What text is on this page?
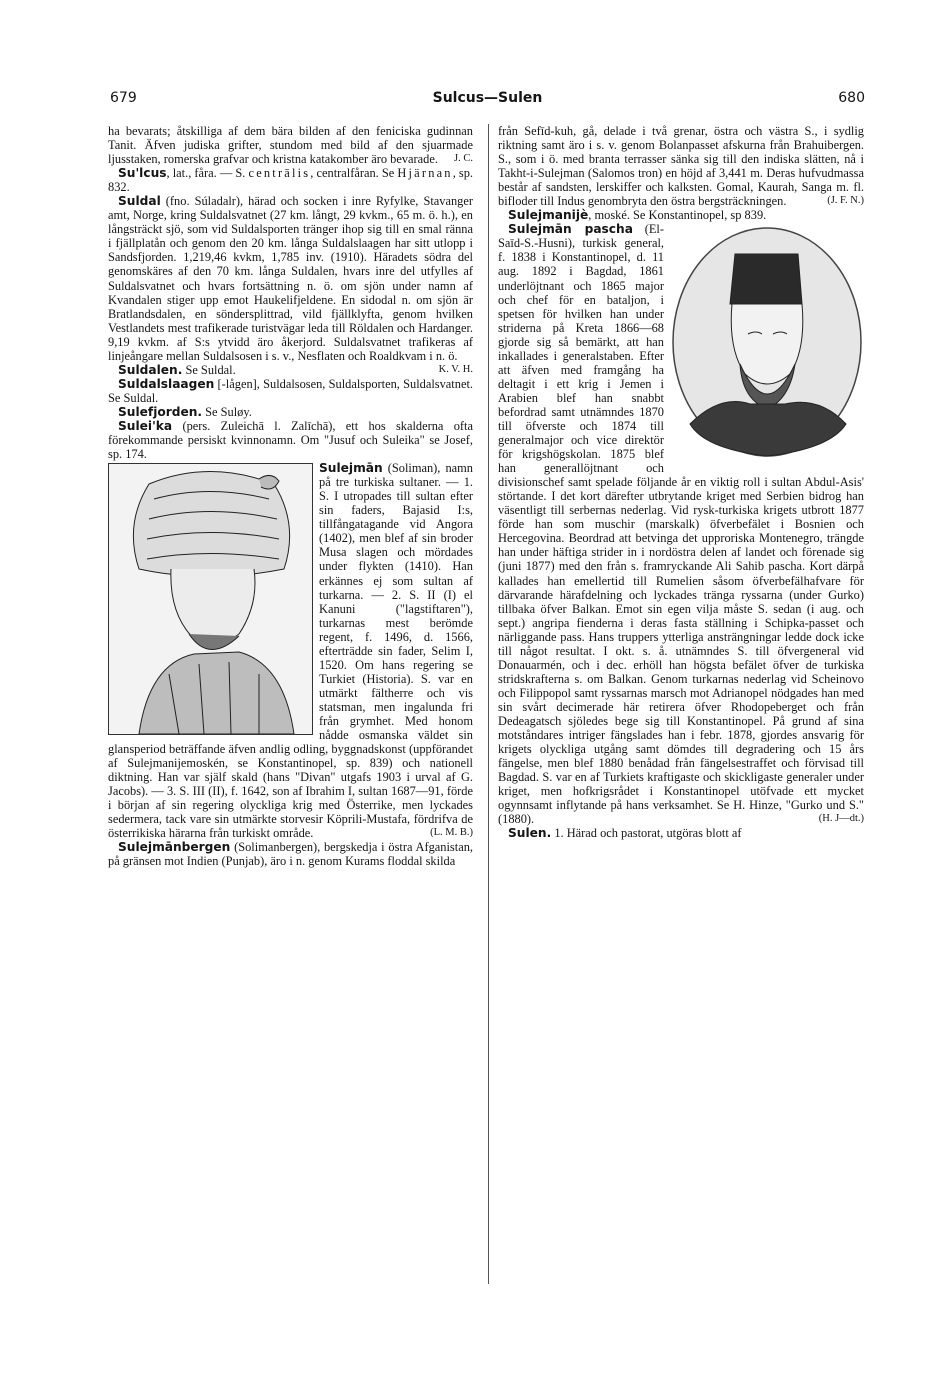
679	Sulcus—Sulen	680

ha bevarats; åtskilliga af dem bära bilden af den feniciska gudinnan Tanit. Äfven judiska grifter, stundom med bild af den sjuarmade ljusstaken, romerska grafvar och kristna katakomber äro bevarade. J. C.

Su'lcus, lat., fåra. — S. centrālis, centralfåran. Se Hjärnan, sp. 832.

Suldal (fno. Súladalr), härad och socken i inre Ryfylke, Stavanger amt, Norge, kring Suldalsvatnet (27 km. långt, 29 kvkm., 65 m. ö. h.), en långsträckt sjö, som vid Suldalsporten tränger ihop sig till en smal ränna i fjällplatån och genom den 20 km. långa Suldalslaagen har sitt utlopp i Sandsfjorden. 1,219,46 kvkm, 1,785 inv. (1910). Häradets södra del genomskäres af den 70 km. långa Suldalen, hvars inre del utfylles af Suldalsvatnet och hvars fortsättning n. ö. om sjön under namn af Kvandalen stiger upp emot Haukelifjeldene. En sidodal n. om sjön är Bratlandsdalen, en söndersplittrad, vild fjällklyfta, genom hvilken Vestlandets mest trafikerade turistvägar leda till Röldalen och Hardanger. 9,19 kvkm. af S:s ytvidd äro åkerjord. Suldalsvatnet trafikeras af linjeångare mellan Suldalsosen i s. v., Nesflaten och Roaldkvam i n. ö.
K. V. H.

Suldalen. Se Suldal.

Suldalslaagen [-lågen], Suldalsosen, Suldalsporten, Suldalsvatnet. Se Suldal.

Sulefjorden. Se Suløy.

Sulei'ka (pers. Zuleichā l. Zalīchā), ett hos skalderna ofta förekommande persiskt kvinnonamn. Om "Jusuf och Suleika" se Josef, sp. 174.

Sulejmān (Soliman), namn på tre turkiska sultaner. — 1. S. I utropades till sultan efter sin faders, Bajasid I:s, tillfångatagande vid Angora (1402), men blef af sin broder Musa slagen och mördades under flykten (1410). Han erkännes ej som sultan af turkarna. — 2. S. II (I) el Kanuni ("lagstiftaren"), turkarnas mest berömde regent, f. 1496, d. 1566, efterträdde sin fader, Selim I, 1520. Om hans regering se Turkiet (Historia). S. var en utmärkt fältherre och vis statsman, men ingalunda fri från grymhet. Med honom nådde osmanska väldet sin glansperiod beträffande äfven andlig odling, byggnadskonst (uppförandet af Sulejmanijemoskén, se Konstantinopel, sp. 839) och nationell diktning. Han var själf skald (hans "Divan" utgafs 1903 i urval af G. Jacobs). — 3. S. III (II), f. 1642, son af Ibrahim I, sultan 1687—91, förde i början af sin regering olyckliga krig med Österrike, men lyckades sedermera, tack vare sin utmärkte storvesir Köprili-Mustafa, fördrifva de österrikiska härarna från turkiskt område.	(L. M. B.)

Sulejmānbergen (Solimanbergen), bergskedja i östra Afganistan, på gränsen mot Indien (Punjab), äro i n. genom Kurams floddal skilda

från Sefīd-kuh, gå, delade i två grenar, östra och västra S., i sydlig riktning samt äro i s. v. genom Bolanpasset afskurna från Brahuibergen. S., som i ö. med branta terrasser sänka sig till den indiska slätten, nå i Takht-i-Sulejman (Salomos tron) en höjd af 3,441 m. Deras hufvudmassa består af sandsten, lerskiffer och kalksten. Gomal, Kaurah, Sanga m. fl. bifloder till Indus genombryta den östra bergsträckningen.	(J. F. N.)

Sulejmanijè, moské. Se Konstantinopel, sp 839.

Sulejmān pascha (El-Saīd-S.-Husni), turkisk general, f. 1838 i Konstantinopel, d. 11 aug. 1892 i Bagdad, 1861 underlöjtnant och 1865 major och chef för en bataljon, i spetsen för hvilken han under striderna på Kreta 1866—68 gjorde sig så bemärkt, att han inkallades i generalstaben. Efter att äfven med framgång ha deltagit i ett krig i Jemen i Arabien blef han snabbt befordrad samt utnämndes 1870 till öfverste och 1874 till generalmajor och vice direktör för krigshögskolan. 1875 blef han generallöjtnant och divisionschef samt spelade följande år en viktig roll i sultan Abdul-Asis' störtande. I det kort därefter utbrytande kriget med Serbien bidrog han väsentligt till serbernas nederlag. Vid rysk-turkiska krigets utbrott 1877 förde han som muschir (marskalk) öfverbefälet i Bosnien och Hercegovina. Beordrad att betvinga det upproriska Montenegro, trängde han under häftiga strider in i nordöstra delen af landet och förenade sig (juni 1877) med den från s. framryckande Ali Sahib pascha. Kort därpå kallades han emellertid till Rumelien såsom öfverbefälhafvare för därvarande härafdelning och lyckades tränga ryssarna (under Gurko) tillbaka öfver Balkan. Emot sin egen vilja måste S. sedan (i aug. och sept.) angripa fienderna i deras fasta ställning i Schipka-passet och närliggande pass. Hans truppers ytterliga ansträngningar ledde dock icke till något resultat. I okt. s. å. utnämndes S. till öfvergeneral vid Donauarmén, och i dec. erhöll han högsta befälet öfver de turkiska stridskrafterna s. om Balkan. Genom turkarnas nederlag vid Scheinovo och Filippopol samt ryssarnas marsch mot Adrianopel nödgades han med sin svårt decimerade här retirera öfver Rhodopeberget och från Dedeagatsch sjöledes bege sig till Konstantinopel. På grund af sina motståndares intriger fängslades han i febr. 1878, gjordes ansvarig för krigets olyckliga utgång samt dömdes till degradering och 15 års fängelse, men blef 1880 benådad från fängelsestraffet och förvisad till Bagdad. S. var en af Turkiets kraftigaste och skickligaste generaler under kriget, men hofkrigsrådet i Konstantinopel utöfvade ett mycket ogynnsamt inflytande på hans verksamhet. Se H. Hinze, "Gurko und S." (1880).	(H. J—dt.)

Sulen. 1. Härad och pastorat, utgöras blott af
